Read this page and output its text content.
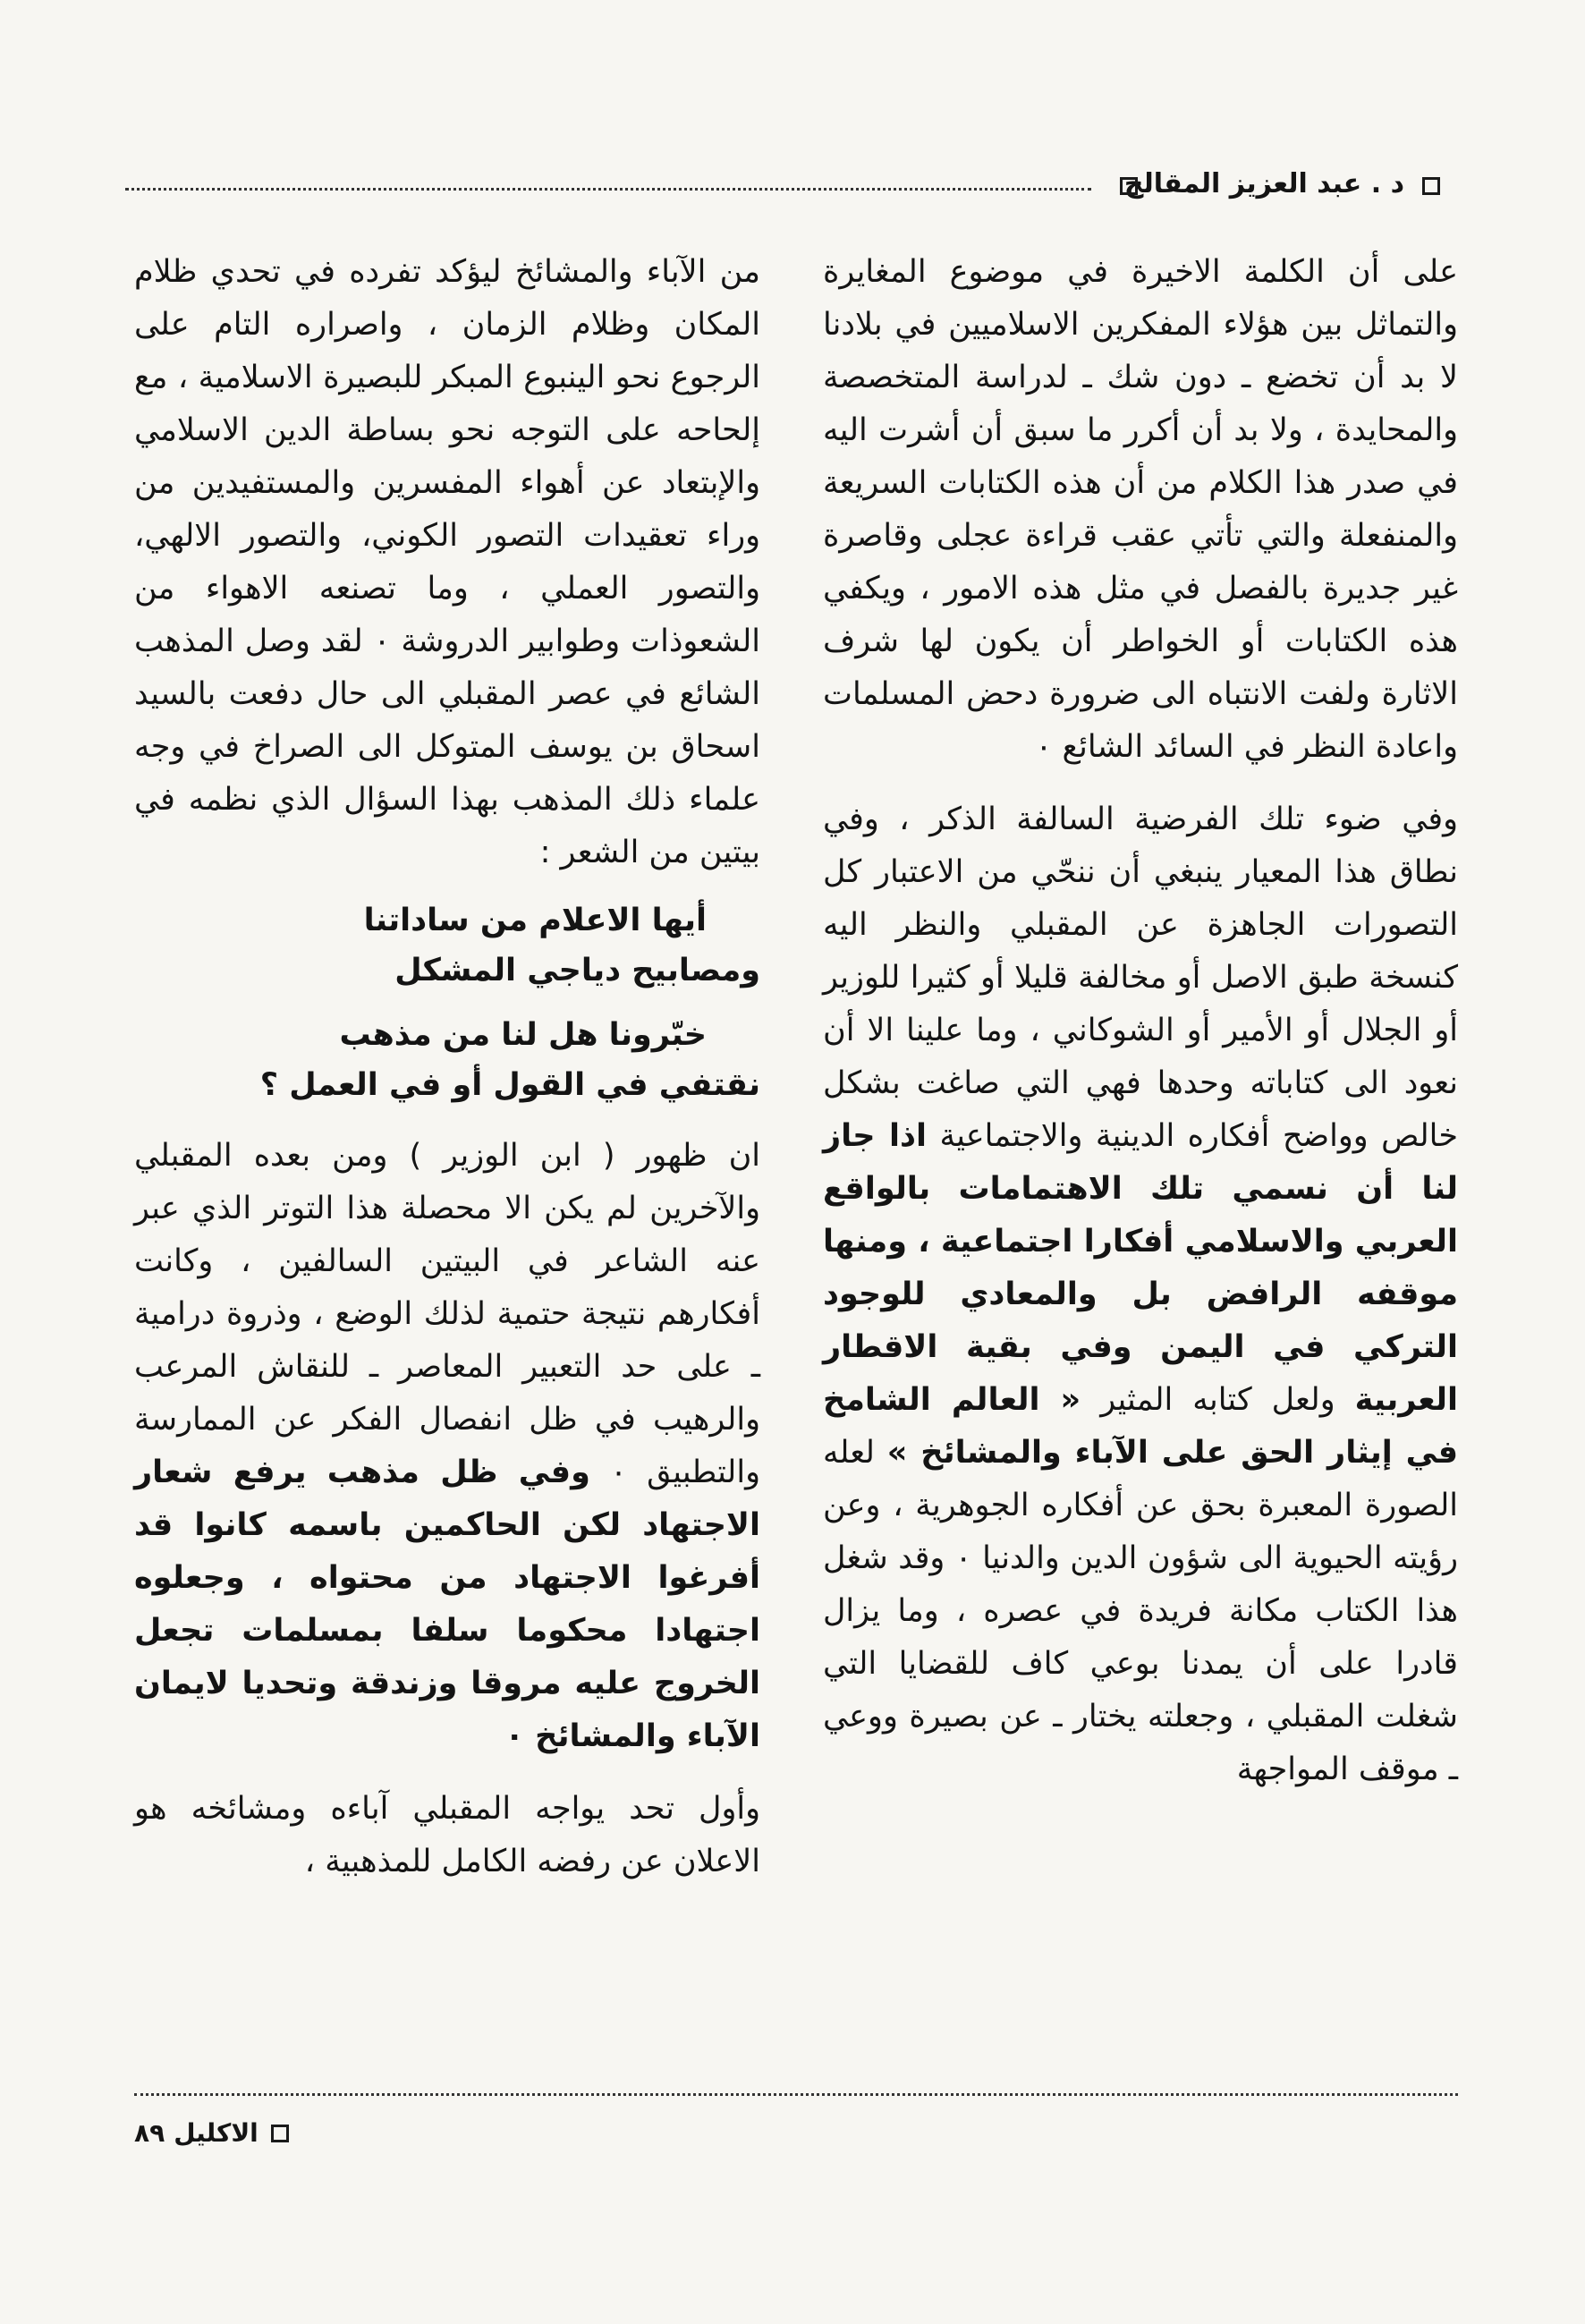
د . عبد العزيز المقالح

على أن الكلمة الاخيرة في موضوع المغايرة والتماثل بين هؤلاء المفكرين الاسلاميين في بلادنا لا بد أن تخضع ـ دون شك ـ لدراسة المتخصصة والمحايدة ، ولا بد أن أكرر ما سبق أن أشرت اليه في صدر هذا الكلام من أن هذه الكتابات السريعة والمنفعلة والتي تأتي عقب قراءة عجلى وقاصرة غير جديرة بالفصل في مثل هذه الامور ، ويكفي هذه الكتابات أو الخواطر أن يكون لها شرف الاثارة ولفت الانتباه الى ضرورة دحض المسلمات واعادة النظر في السائد الشائع ٠

وفي ضوء تلك الفرضية السالفة الذكر ، وفي نطاق هذا المعيار ينبغي أن ننحّي من الاعتبار كل التصورات الجاهزة عن المقبلي والنظر اليه كنسخة طبق الاصل أو مخالفة قليلا أو كثيرا للوزير أو الجلال أو الأمير أو الشوكاني ، وما علينا الا أن نعود الى كتاباته وحدها فهي التي صاغت بشكل خالص وواضح أفكاره الدينية والاجتماعية اذا جاز لنا أن نسمي تلك الاهتمامات بالواقع العربي والاسلامي أفكارا اجتماعية ، ومنها موقفه الرافض بل والمعادي للوجود التركي في اليمن وفي بقية الاقطار العربية ولعل كتابه المثير « العالم الشامخ في إيثار الحق على الآباء والمشائخ » لعله الصورة المعبرة بحق عن أفكاره الجوهرية ، وعن رؤيته الحيوية الى شؤون الدين والدنيا ٠ وقد شغل هذا الكتاب مكانة فريدة في عصره ، وما يزال قادرا على أن يمدنا بوعي كاف للقضايا التي شغلت المقبلي ، وجعلته يختار ـ عن بصيرة ووعي ـ موقف المواجهة

من الآباء والمشائخ ليؤكد تفرده في تحدي ظلام المكان وظلام الزمان ، واصراره التام على الرجوع نحو الينبوع المبكر للبصيرة الاسلامية ، مع إلحاحه على التوجه نحو بساطة الدين الاسلامي والإبتعاد عن أهواء المفسرين والمستفيدين من وراء تعقيدات التصور الكوني، والتصور الالهي، والتصور العملي ، وما تصنعه الاهواء من الشعوذات وطوابير الدروشة ٠ لقد وصل المذهب الشائع في عصر المقبلي الى حال دفعت بالسيد اسحاق بن يوسف المتوكل الى الصراخ في وجه علماء ذلك المذهب بهذا السؤال الذي نظمه في بيتين من الشعر :

أيها الاعلام من ساداتنا
ومصابيح دياجي المشكل
خبّرونا هل لنا من مذهب
نقتفي في القول أو في العمل ؟

ان ظهور ( ابن الوزير ) ومن بعده المقبلي والآخرين لم يكن الا محصلة هذا التوتر الذي عبر عنه الشاعر في البيتين السالفين ، وكانت أفكارهم نتيجة حتمية لذلك الوضع ، وذروة درامية ـ على حد التعبير المعاصر ـ للنقاش المرعب والرهيب في ظل انفصال الفكر عن الممارسة والتطبيق ٠ وفي ظل مذهب يرفع شعار الاجتهاد لكن الحاكمين باسمه كانوا قد أفرغوا الاجتهاد من محتواه ، وجعلوه اجتهادا محكوما سلفا بمسلمات تجعل الخروج عليه مروقا وزندقة وتحديا لايمان الآباء والمشائخ ٠

وأول تحد يواجه المقبلي آباءه ومشائخه هو الاعلان عن رفضه الكامل للمذهبية ،

الاكليل٨٩
